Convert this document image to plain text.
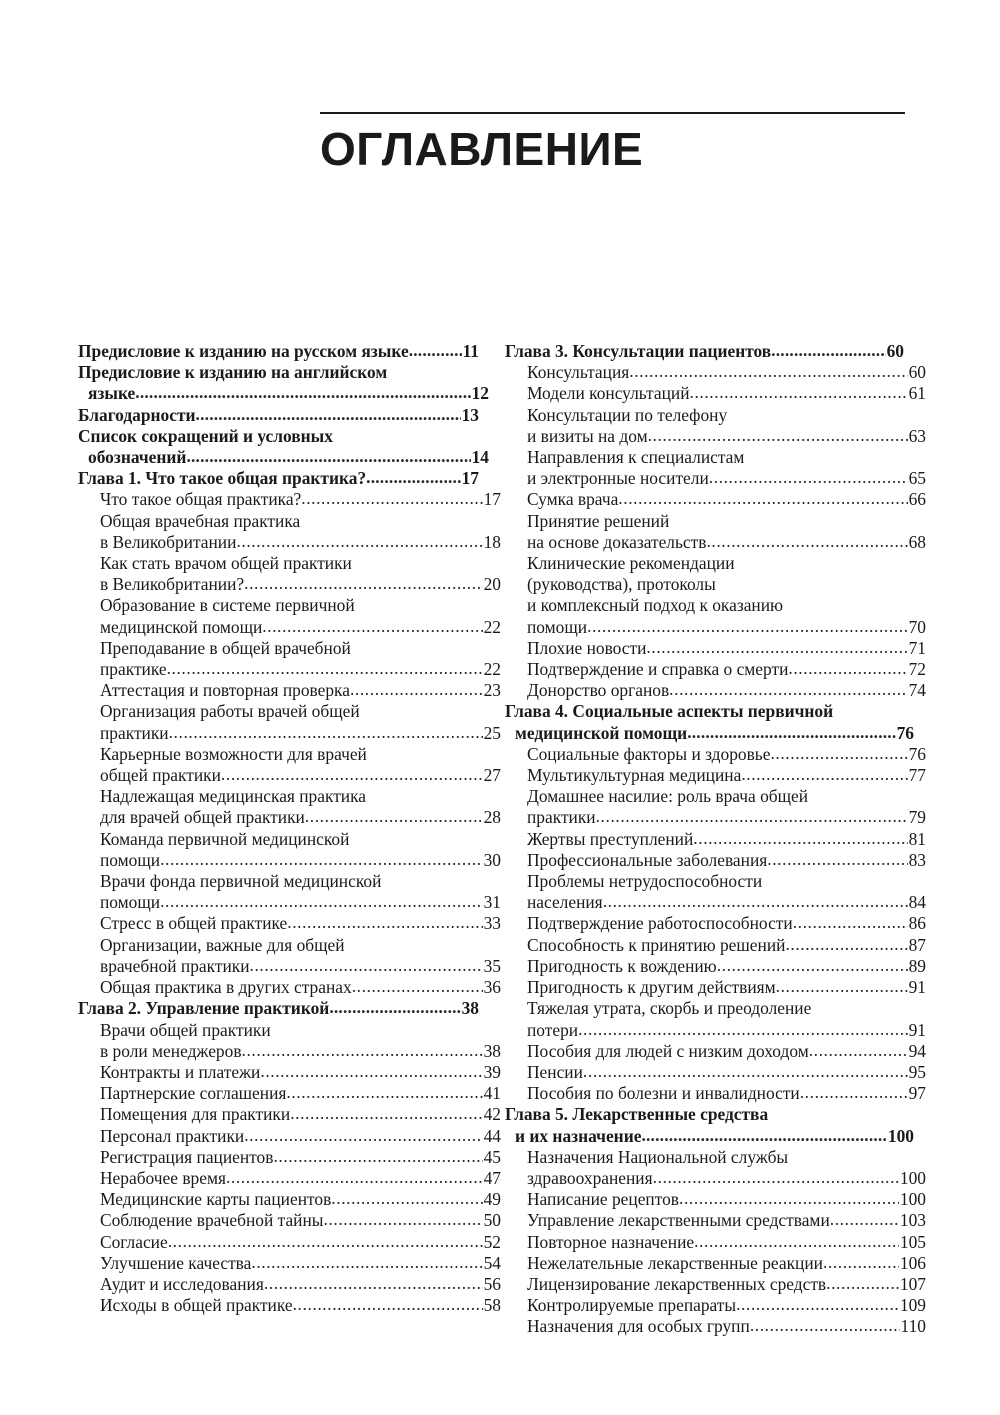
ОГЛАВЛЕНИЕ
Предисловие к изданию на русском языке .....	11
Предисловие к изданию на английском
языке .....	12
Благодарности .....	13
Список сокращений и условных
обозначений .....	14
Глава 1. Что такое общая практика? .....	17
Что такое общая практика? .....	17
Общая врачебная практика
в Великобритании .....	18
Как стать врачом общей практики
в Великобритании? .....	20
Образование в системе первичной
медицинской помощи .....	22
Преподавание в общей врачебной
практике .....	22
Аттестация и повторная проверка .....	23
Организация работы врачей общей
практики .....	25
Карьерные возможности для врачей
общей практики .....	27
Надлежащая медицинская практика
для врачей общей практики .....	28
Команда первичной медицинской
помощи .....	30
Врачи фонда первичной медицинской
помощи .....	31
Стресс в общей практике .....	33
Организации, важные для общей
врачебной практики .....	35
Общая практика в других странах .....	36
Глава 2. Управление практикой .....	38
Врачи общей практики
в роли менеджеров .....	38
Контракты и платежи .....	39
Партнерские соглашения .....	41
Помещения для практики .....	42
Персонал практики .....	44
Регистрация пациентов .....	45
Нерабочее время .....	47
Медицинские карты пациентов .....	49
Соблюдение врачебной тайны .....	50
Согласие .....	52
Улучшение качества .....	54
Аудит и исследования .....	56
Исходы в общей практике .....	58
Глава 3. Консультации пациентов .....	60
Консультация .....	60
Модели консультаций .....	61
Консультации по телефону
и визиты на дом .....	63
Направления к специалистам
и электронные носители .....	65
Сумка врача .....	66
Принятие решений
на основе доказательств .....	68
Клинические рекомендации
(руководства), протоколы
и комплексный подход к оказанию
помощи .....	70
Плохие новости .....	71
Подтверждение и справка о смерти .....	72
Донорство органов .....	74
Глава 4. Социальные аспекты первичной
медицинской помощи .....	76
Социальные факторы и здоровье .....	76
Мультикультурная медицина .....	77
Домашнее насилие: роль врача общей
практики .....	79
Жертвы преступлений .....	81
Профессиональные заболевания .....	83
Проблемы нетрудоспособности
населения .....	84
Подтверждение работоспособности .....	86
Способность к принятию решений .....	87
Пригодность к вождению .....	89
Пригодность к другим действиям .....	91
Тяжелая утрата, скорбь и преодоление
потери .....	91
Пособия для людей с низким доходом .....	94
Пенсии .....	95
Пособия по болезни и инвалидности .....	97
Глава 5. Лекарственные средства
и их назначение .....	100
Назначения Национальной службы
здравоохранения .....	100
Написание рецептов .....	100
Управление лекарственными средствами .....	103
Повторное назначение .....	105
Нежелательные лекарственные реакции .....	106
Лицензирование лекарственных средств .....	107
Контролируемые препараты .....	109
Назначения для особых групп .....	110
